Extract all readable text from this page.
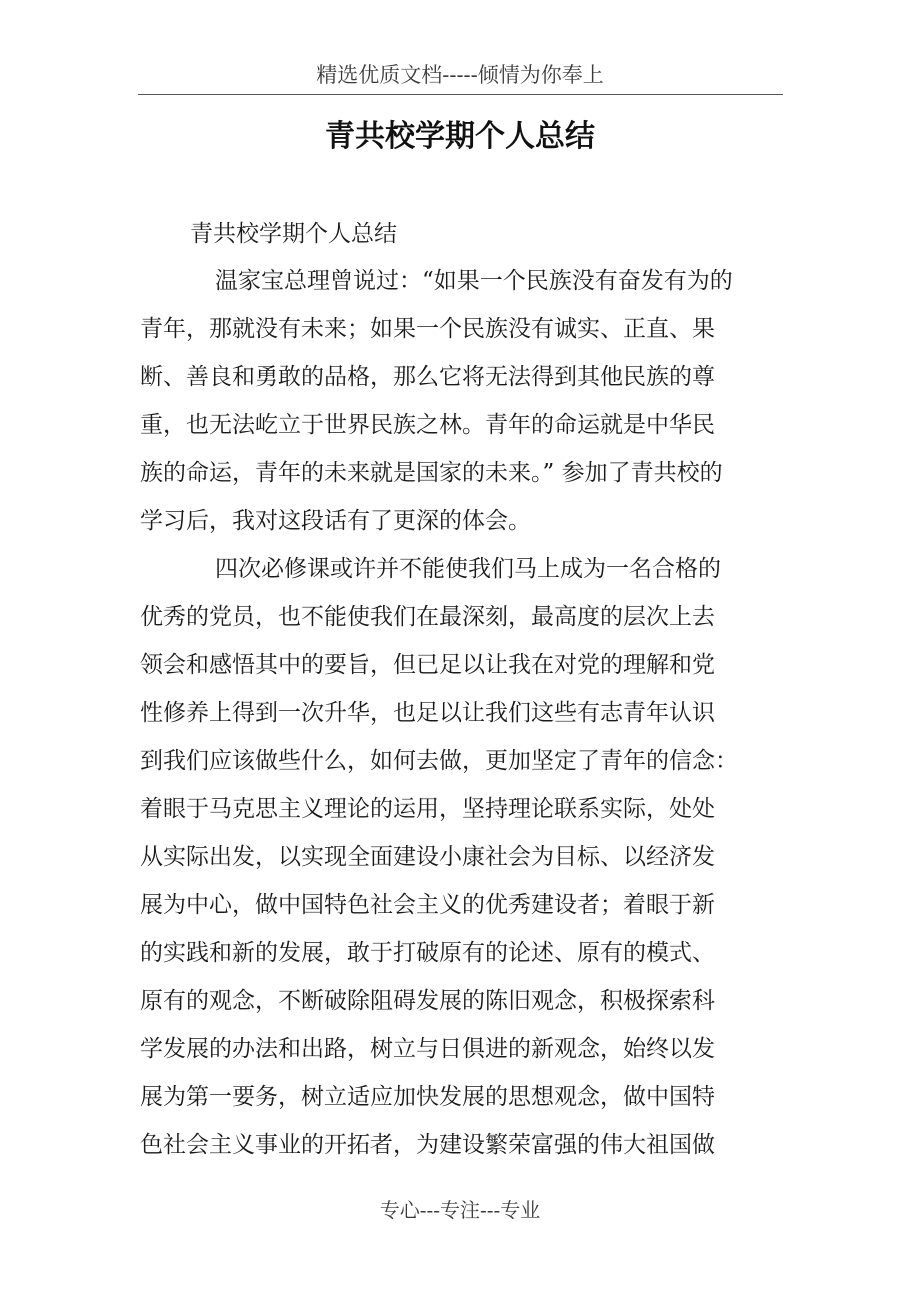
精选优质文档-----倾情为你奉上
青共校学期个人总结

青共校学期个人总结

温家宝总理曾说过：“如果一个民族没有奋发有为的

青年，那就没有未来；如果一个民族没有诚实、正直、果

断、善良和勇敢的品格，那么它将无法得到其他民族的尊

重，也无法屹立于世界民族之林。青年的命运就是中华民

族的命运，青年的未来就是国家的未来。” 参加了青共校的

学习后，我对这段话有了更深的体会。

四次必修课或许并不能使我们马上成为一名合格的

优秀的党员，也不能使我们在最深刻，最高度的层次上去

领会和感悟其中的要旨，但已足以让我在对党的理解和党

性修养上得到一次升华，也足以让我们这些有志青年认识

到我们应该做些什么，如何去做，更加坚定了青年的信念：

着眼于马克思主义理论的运用，坚持理论联系实际，处处

从实际出发，以实现全面建设小康社会为目标、以经济发

展为中心，做中国特色社会主义的优秀建设者；着眼于新

的实践和新的发展，敢于打破原有的论述、原有的模式、

原有的观念，不断破除阻碍发展的陈旧观念，积极探索科

学发展的办法和出路，树立与日俱进的新观念，始终以发

展为第一要务，树立适应加快发展的思想观念，做中国特

色社会主义事业的开拓者，为建设繁荣富强的伟大祖国做

专心---专注---专业
